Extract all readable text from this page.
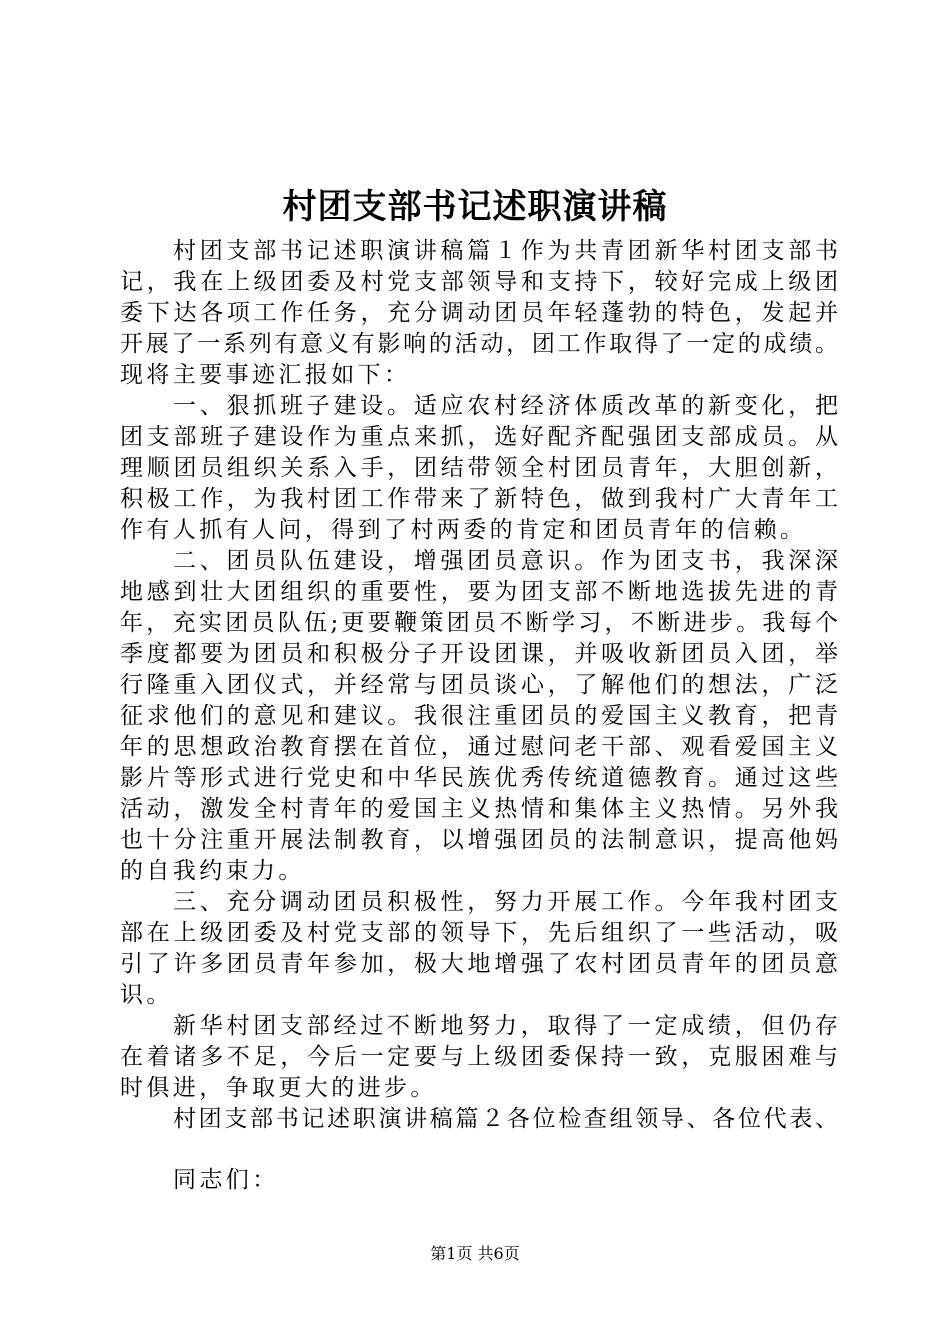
村团支部书记述职演讲稿
村团支部书记述职演讲稿篇１作为共青团新华村团支部书
记，我在上级团委及村党支部领导和支持下，较好完成上级团
委下达各项工作任务，充分调动团员年轻蓬勃的特色，发起并
开展了一系列有意义有影响的活动，团工作取得了一定的成绩。
现将主要事迹汇报如下：
一、狠抓班子建设。适应农村经济体质改革的新变化，把
团支部班子建设作为重点来抓，选好配齐配强团支部成员。从
理顺团员组织关系入手，团结带领全村团员青年，大胆创新，
积极工作，为我村团工作带来了新特色，做到我村广大青年工
作有人抓有人问，得到了村两委的肯定和团员青年的信赖。
二、团员队伍建设，增强团员意识。作为团支书，我深深
地感到壮大团组织的重要性，要为团支部不断地选拔先进的青
年，充实团员队伍;更要鞭策团员不断学习，不断进步。我每个
季度都要为团员和积极分子开设团课，并吸收新团员入团，举
行隆重入团仪式，并经常与团员谈心，了解他们的想法，广泛
征求他们的意见和建议。我很注重团员的爱国主义教育，把青
年的思想政治教育摆在首位，通过慰问老干部、观看爱国主义
影片等形式进行党史和中华民族优秀传统道德教育。通过这些
活动，激发全村青年的爱国主义热情和集体主义热情。另外我
也十分注重开展法制教育，以增强团员的法制意识，提高他妈
的自我约束力。
三、充分调动团员积极性，努力开展工作。今年我村团支
部在上级团委及村党支部的领导下，先后组织了一些活动，吸
引了许多团员青年参加，极大地增强了农村团员青年的团员意
识。
新华村团支部经过不断地努力，取得了一定成绩，但仍存
在着诸多不足，今后一定要与上级团委保持一致，克服困难与
时俱进，争取更大的进步。
村团支部书记述职演讲稿篇２各位检查组领导、各位代表、
同志们：
第1页 共6页
